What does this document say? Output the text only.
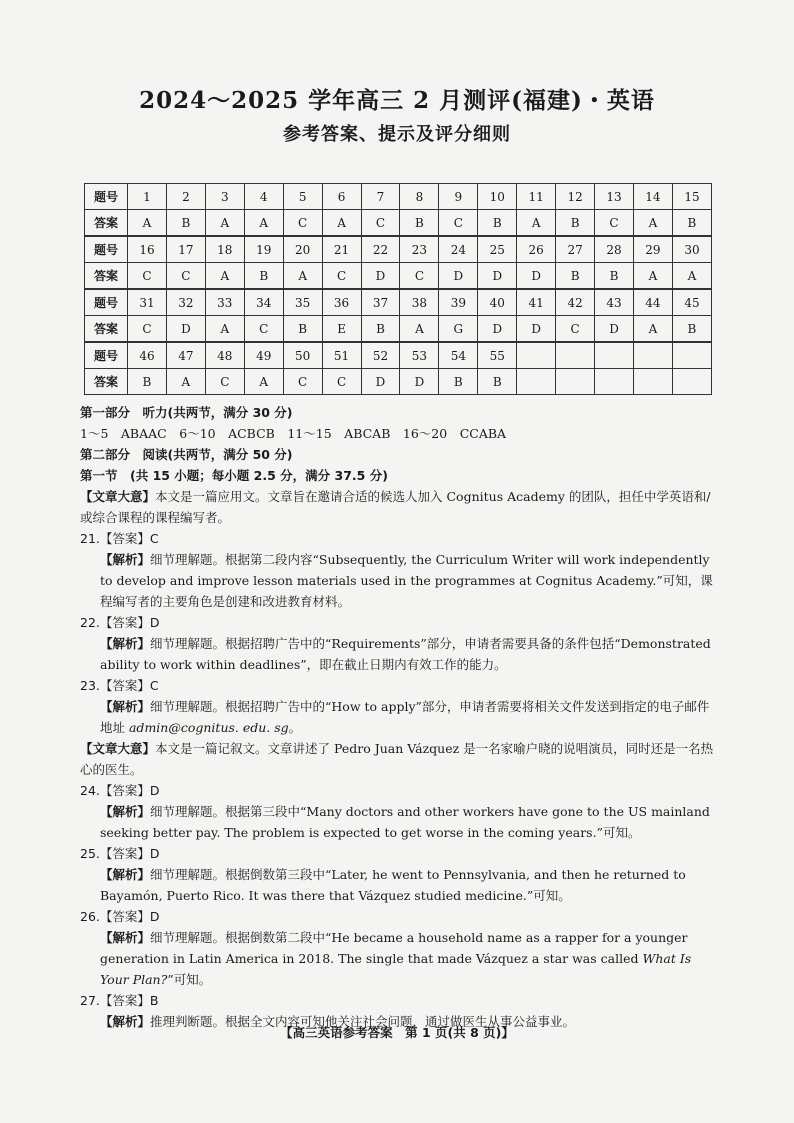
2024～2025 学年高三 2 月测评(福建)・英语
参考答案、提示及评分细则
题号	1	2	3	4	5	6	7	8	9	10	11	12	13	14	15
答案	A	B	A	A	C	A	C	B	C	B	A	B	C	A	B
题号	16	17	18	19	20	21	22	23	24	25	26	27	28	29	30
答案	C	C	A	B	A	C	D	C	D	D	D	B	B	A	A
题号	31	32	33	34	35	36	37	38	39	40	41	42	43	44	45
答案	C	D	A	C	B	E	B	A	G	D	D	C	D	A	B
题号	46	47	48	49	50	51	52	53	54	55					
答案	B	A	C	A	C	C	D	D	B	B					

第一部分　听力(共两节，满分 30 分)

1～5　ABAAC　6～10　ACBCB　11～15　ABCAB　16～20　CCABA

第二部分　阅读(共两节，满分 50 分)

第一节　(共 15 小题；每小题 2.5 分，满分 37.5 分)

【文章大意】本文是一篇应用文。文章旨在邀请合适的候选人加入 Cognitus Academy 的团队，担任中学英语和/或综合课程的课程编写者。

21.【答案】C

【解析】细节理解题。根据第二段内容“Subsequently, the Curriculum Writer will work independently to develop and improve lesson materials used in the programmes at Cognitus Academy.”可知，课程编写者的主要角色是创建和改进教育材料。

22.【答案】D

【解析】细节理解题。根据招聘广告中的“Requirements”部分，申请者需要具备的条件包括“Demonstrated ability to work within deadlines”，即在截止日期内有效工作的能力。

23.【答案】C

【解析】细节理解题。根据招聘广告中的“How to apply”部分，申请者需要将相关文件发送到指定的电子邮件地址 admin@cognitus. edu. sg。

【文章大意】本文是一篇记叙文。文章讲述了 Pedro Juan Vázquez 是一名家喻户晓的说唱演员，同时还是一名热心的医生。

24.【答案】D

【解析】细节理解题。根据第三段中“Many doctors and other workers have gone to the US mainland seeking better pay. The problem is expected to get worse in the coming years.”可知。

25.【答案】D

【解析】细节理解题。根据倒数第三段中“Later, he went to Pennsylvania, and then he returned to Bayamón, Puerto Rico. It was there that Vázquez studied medicine.”可知。

26.【答案】D

【解析】细节理解题。根据倒数第二段中“He became a household name as a rapper for a younger generation in Latin America in 2018. The single that made Vázquez a star was called What Is Your Plan?”可知。

27.【答案】B

【解析】推理判断题。根据全文内容可知他关注社会问题，通过做医生从事公益事业。

【高三英语参考答案　第 1 页(共 8 页)】
